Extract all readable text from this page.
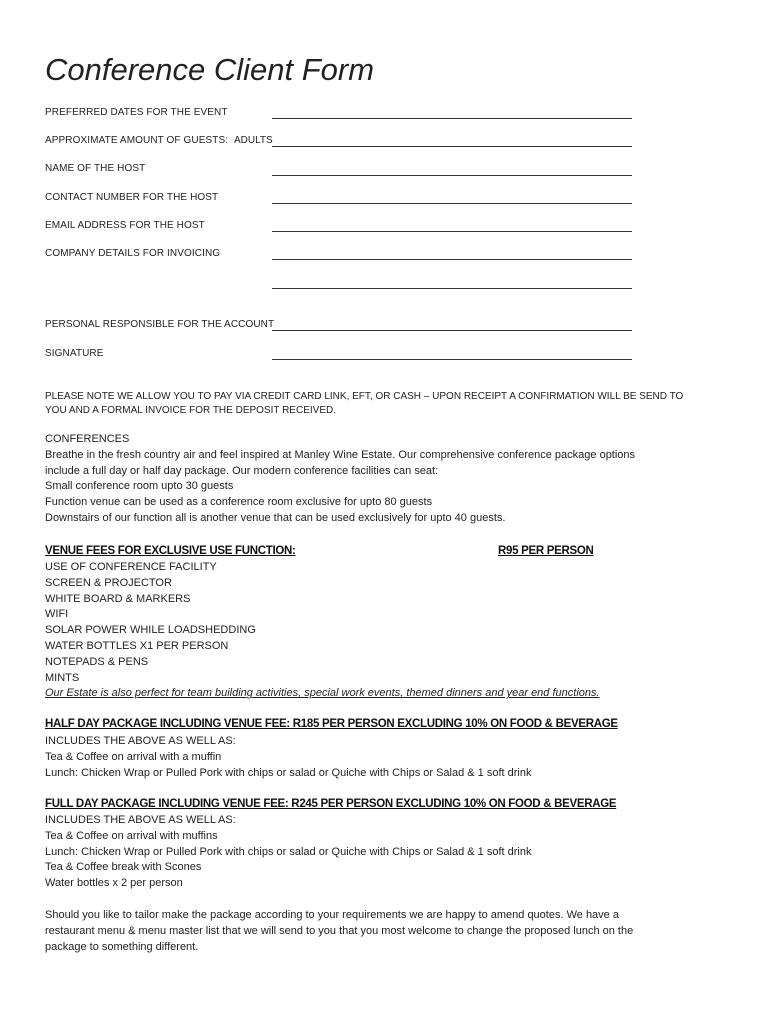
Conference Client Form
PREFERRED DATES FOR THE EVENT
APPROXIMATE AMOUNT OF GUESTS: ADULTS
NAME OF THE HOST
CONTACT NUMBER FOR THE HOST
EMAIL ADDRESS FOR THE HOST
COMPANY DETAILS FOR INVOICING
PERSONAL RESPONSIBLE FOR THE ACCOUNT
SIGNATURE
PLEASE NOTE WE ALLOW YOU TO PAY VIA CREDIT CARD LINK, EFT, OR CASH – UPON RECEIPT A CONFIRMATION WILL BE SEND TO YOU AND A FORMAL INVOICE FOR THE DEPOSIT RECEIVED.
CONFERENCES
Breathe in the fresh country air and feel inspired at Manley Wine Estate. Our comprehensive conference package options
include a full day or half day package. Our modern conference facilities can seat:
Small conference room upto 30 guests
Function venue can be used as a conference room exclusive for upto 80 guests
Downstairs of our function all is another venue that can be used exclusively for upto 40 guests.
VENUE FEES FOR EXCLUSIVE USE FUNCTION:	R95 PER PERSON
USE OF CONFERENCE FACILITY
SCREEN & PROJECTOR
WHITE BOARD & MARKERS
WIFI
SOLAR POWER WHILE LOADSHEDDING
WATER BOTTLES X1 PER PERSON
NOTEPADS & PENS
MINTS
Our Estate is also perfect for team building activities, special work events, themed dinners and year end functions.
HALF DAY PACKAGE INCLUDING VENUE FEE: R185 PER PERSON EXCLUDING 10% ON FOOD & BEVERAGE
INCLUDES THE ABOVE AS WELL AS:
Tea & Coffee on arrival with a muffin
Lunch: Chicken Wrap or Pulled Pork with chips or salad or Quiche with Chips or Salad & 1 soft drink
FULL DAY PACKAGE INCLUDING VENUE FEE: R245 PER PERSON EXCLUDING 10% ON FOOD & BEVERAGE
INCLUDES THE ABOVE AS WELL AS:
Tea & Coffee on arrival with muffins
Lunch: Chicken Wrap or Pulled Pork with chips or salad or Quiche with Chips or Salad & 1 soft drink
Tea & Coffee break with Scones
Water bottles x 2 per person
Should you like to tailor make the package according to your requirements we are happy to amend quotes. We have a
restaurant menu & menu master list that we will send to you that you most welcome to change the proposed lunch on the
package to something different.
